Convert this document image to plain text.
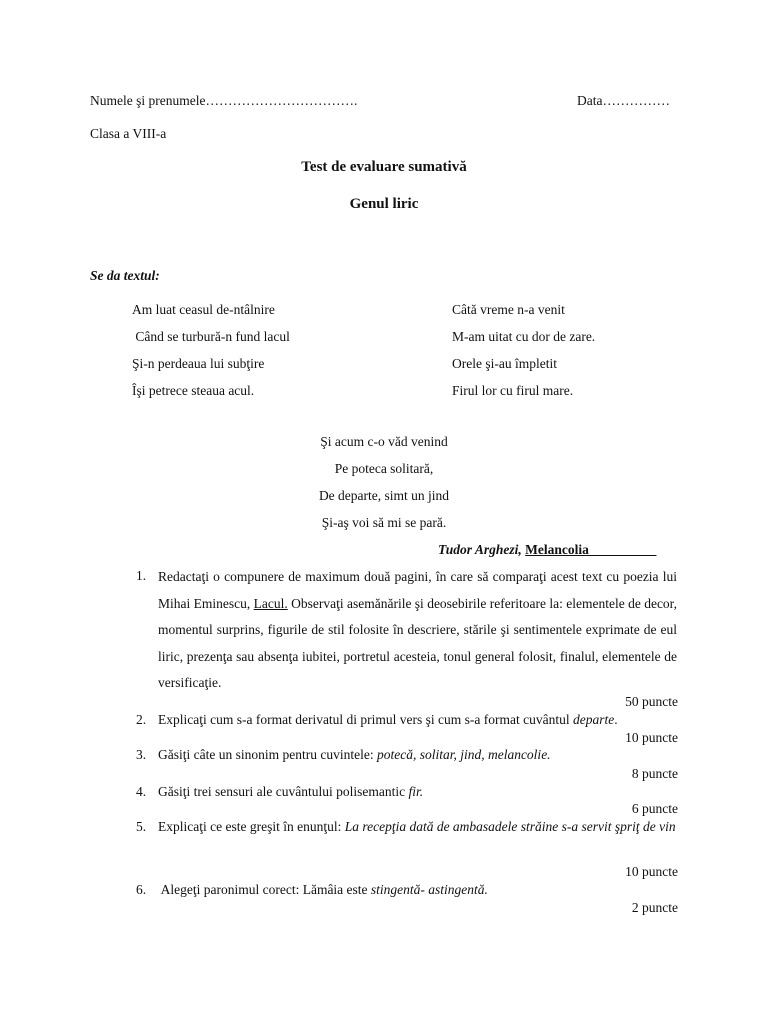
Numele şi prenumele…………………………….	Data……………
Clasa a VIII-a
Test de evaluare sumativă
Genul liric
Se da textul:
Am luat ceasul de-ntâlnire
Când se turbură-n fund lacul
Şi-n perdeaua lui subţire
Îşi petrece steaua acul.
Câtă vreme n-a venit
M-am uitat cu dor de zare.
Orele şi-au împletit
Firul lor cu firul mare.
Şi acum c-o văd venind
Pe poteca solitară,
De departe, simt un jind
Şi-aş voi să mi se pară.
Tudor Arghezi, Melancolia__________
1. Redactaţi o compunere de maximum două pagini, în care să comparaţi acest text cu poezia lui Mihai Eminescu, Lacul. Observaţi asemănările şi deosebirile referitoare la: elementele de decor, momentul surprins, figurile de stil folosite în descriere, stările şi sentimentele exprimate de eul liric, prezenţa sau absenţa iubitei, portretul acesteia, tonul general folosit, finalul, elementele de versificaţie.
50 puncte
2. Explicaţi cum s-a format derivatul di primul vers şi cum s-a format cuvântul departe.
10 puncte
3. Găsiţi câte un sinonim pentru cuvintele: potecă, solitar, jind, melancolie.
8 puncte
4. Găsiţi trei sensuri ale cuvântului polisemantic fir.
6 puncte
5. Explicaţi ce este greşit în enunţul: La recepţia dată de ambasadele străine s-a servit şpriţ de vin
10 puncte
6. Alegeţi paronimul corect: Lămâia este stingentă- astingentă.
2 puncte
